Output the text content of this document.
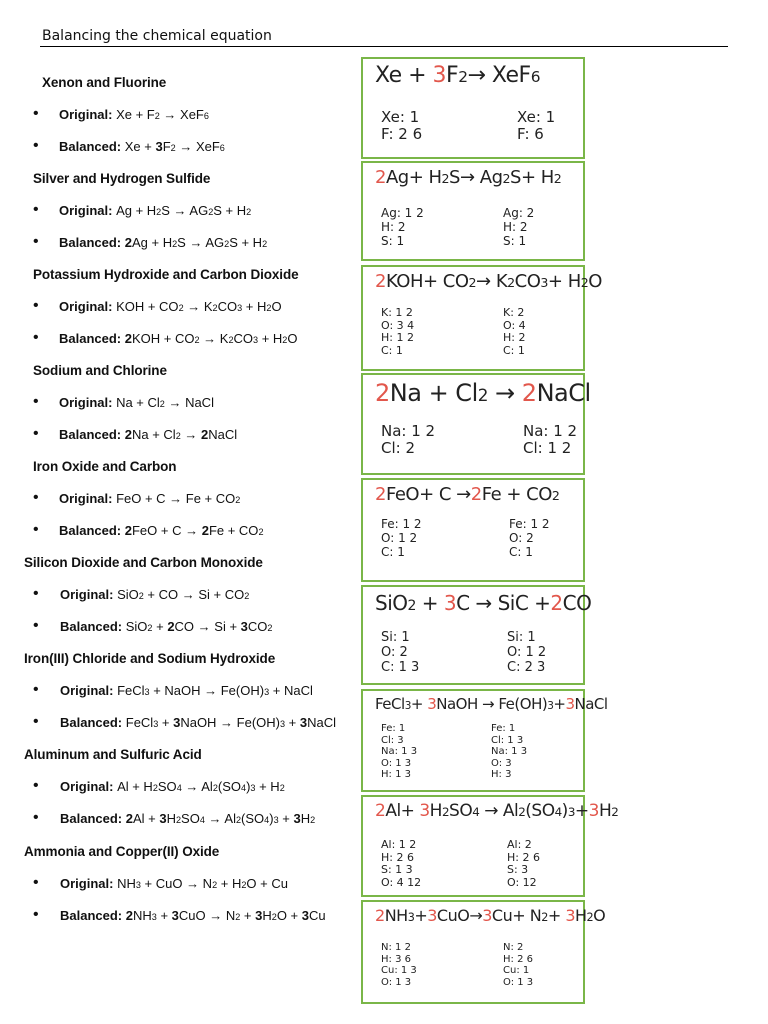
Balancing the chemical equation
Xenon and Fluorine
• Original: $Xe + F_2 \to XeF_6$
• Balanced: $Xe + 3F_2 \to XeF_6$
$Xe + 3F_2\to XeF_6$
Xe: 1
F: 2 6
Xe: 1
F: 6
Silver and Hydrogen Sulfide
• Original: $Ag + H_2S \to AG_2S + H_2$
• Balanced: $2Ag + H_2S \to AG_2S + H_2$
$2Ag+ H_2S\to Ag_2S+ H_2$
Ag: 1 2
H: 2
S: 1
Ag: 2
H: 2
S: 1
Potassium Hydroxide and Carbon Dioxide
• Original: KOH + $CO_2 \to K_2CO_3 + H_2O$
• Balanced: $2KOH + CO_2 \to K_2CO_3 + H_2O$
$2KOH+ CO_2\to K_2CO_3+ H_2O$
K: 1 2
O: 3 4
H: 1 2
C: 1
K: 2
O: 4
H: 2
C: 1
Sodium and Chlorine
• Original: $Na + Cl_2$ → NaCl
• Balanced: $2Na + Cl_2$ → 2NaCl
$2Na + Cl_2$ → 2NaCl
Na: 1 2
Cl: 2
Na: 1 2
Cl: 1 2
Iron Oxide and Carbon
• Original: FeO + $C \to Fe + CO_2$
• Balanced: $2FeO + C \to 2Fe + CO_2$
$2FeO+ C \to 2Fe + CO_2$
Fe: 1 2
O: 1 2
C: 1
Fe: 1 2
O: 2
C: 1
Silicon Dioxide and Carbon Monoxide
• Original: SiO$_2$ + CO → $Si + CO_2$
• Balanced: $SiO_2 + 2CO \to Si + 3CO_2$
SiO$_2$ + 3C → SiC +2CO
Si: 1
O: 2
C: 1 3
Si: 1
O: 1 2
C: 2 3
Iron(III) Chloride and Sodium Hydroxide
• Original: FeCl$_3$ + NaOH → $Fe(OH)_3$ + NaCl
• Balanced: FeCl$_3$ + 3NaOH → $Fe(OH)_3$ + 3NaCl
FeCl$_3$+ 3NaOH → $Fe(OH)_3+3NaCl$
Fe: 1
Cl: 3
Na: 1 3
O: 1 3
H: 1 3
Fe: 1
Cl: 1 3
Na: 1 3
O: 3
H: 3
Aluminum and Sulfuric Acid
• Original: $Al + H_2SO_4 \to Al_2(SO_4)_3 + H_2$
• Balanced: $2Al + 3H_2SO_4 \to Al_2(SO_4)_3 + 3H_2$	$2Al+ 3H_2SO_4 \to Al_2(SO_4)_3+3H_2$
Al: 1 2
H: 2 6
S: 1 3
O: 4 12
Al: 2
H: 2 6
S: 3
O: 12
Ammonia and Copper(II) Oxide
• Original: $NH_3$ + CuO → $N_2 + H_2O + Cu$
• Balanced: $2NH_3 + 3CuO \to N_2 + 3H_2O + 3Cu$	$2NH_3+3CuO\to 3Cu+ N_2+ 3H_2O$
N: 1 2
H: 3 6
Cu: 1 3
O: 1 3
N: 2
H: 2 6
Cu: 1
O: 1 3
